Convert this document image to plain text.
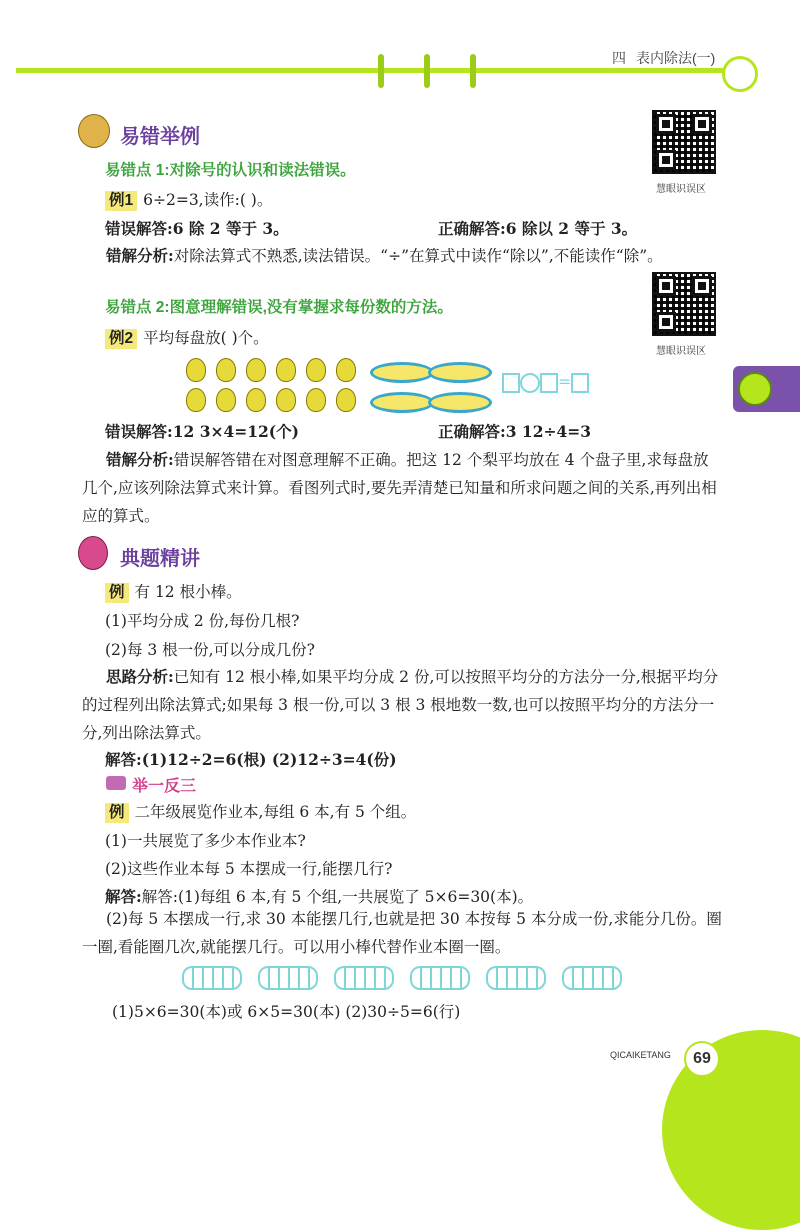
四 表内除法(一)
慧眼识误区
慧眼识误区
易错举例
易错点 1:对除号的认识和读法错误。
例1 6÷2=3,读作:( )。
错误解答:6 除 2 等于 3。	正确解答:6 除以 2 等于 3。
错解分析:对除法算式不熟悉,读法错误。“÷”在算式中读作“除以”,不能读作“除”。
易错点 2:图意理解错误,没有掌握求每份数的方法。
例2 平均每盘放( )个。
=
错误解答:12 3×4=12(个)	正确解答:3 12÷4=3
错解分析:错误解答错在对图意理解不正确。把这 12 个梨平均放在 4 个盘子里,求每盘放几个,应该列除法算式来计算。看图列式时,要先弄清楚已知量和所求问题之间的关系,再列出相应的算式。
典题精讲
例 有 12 根小棒。
(1)平均分成 2 份,每份几根?
(2)每 3 根一份,可以分成几份?
思路分析:已知有 12 根小棒,如果平均分成 2 份,可以按照平均分的方法分一分,根据平均分的过程列出除法算式;如果每 3 根一份,可以 3 根 3 根地数一数,也可以按照平均分的方法分一分,列出除法算式。
解答:(1)12÷2=6(根) (2)12÷3=4(份)
举一反三
例 二年级展览作业本,每组 6 本,有 5 个组。
(1)一共展览了多少本作业本?
(2)这些作业本每 5 本摆成一行,能摆几行?
解答:解答:(1)每组 6 本,有 5 个组,一共展览了 5×6=30(本)。
(2)每 5 本摆成一行,求 30 本能摆几行,也就是把 30 本按每 5 本分成一份,求能分几份。圈一圈,看能圈几次,就能摆几行。可以用小棒代替作业本圈一圈。
(1)5×6=30(本)或 6×5=30(本) (2)30÷5=6(行)
QICAIKETANG	69
